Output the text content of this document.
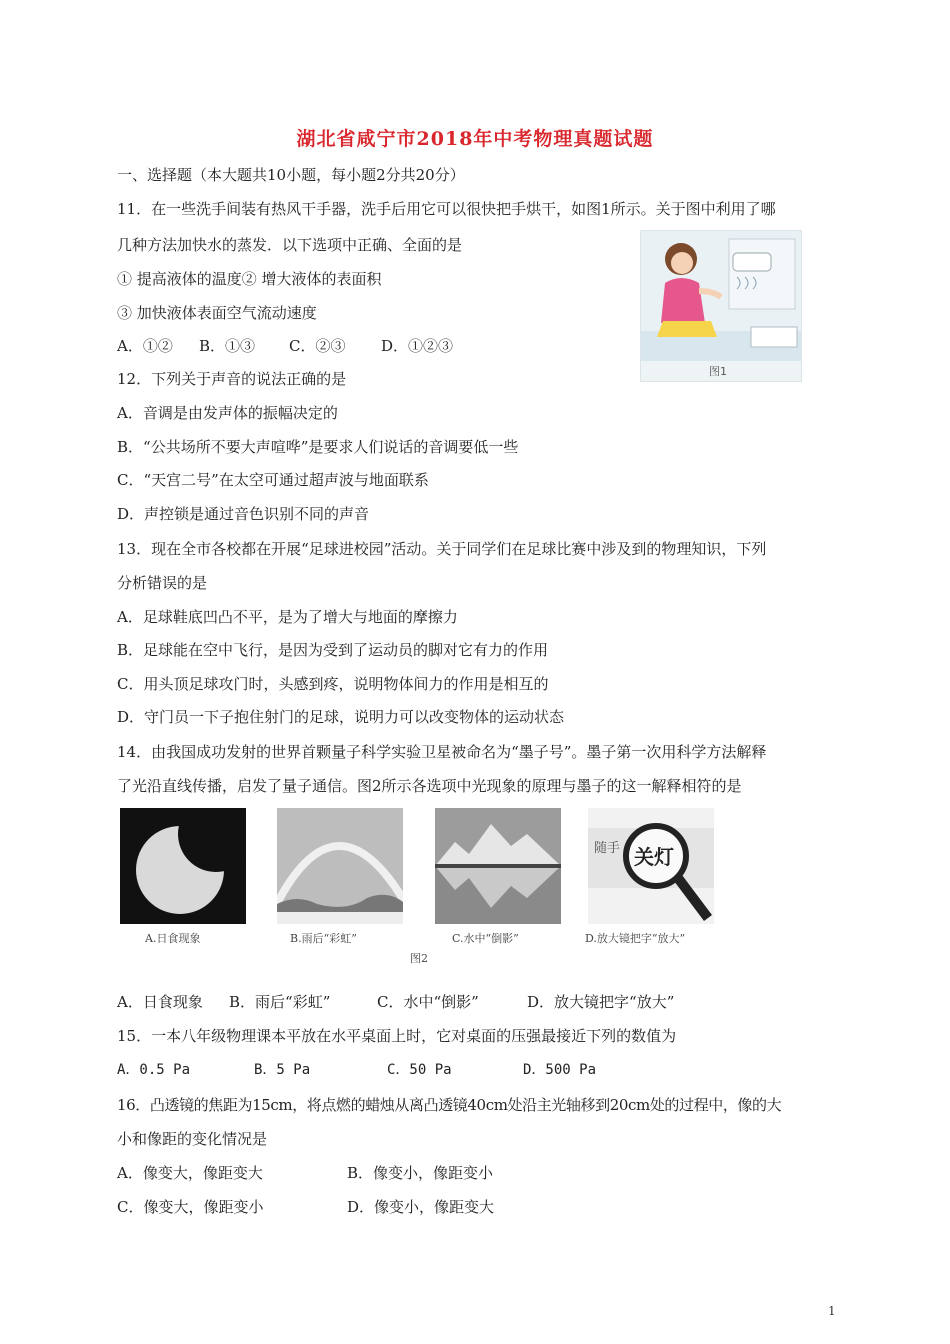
湖北省咸宁市2018年中考物理真题试题
一、选择题（本大题共10小题，每小题2分共20分）
11．在一些洗手间装有热风干手器，洗手后用它可以很快把手烘干，如图1所示。关于图中利用了哪
几种方法加快水的蒸发．以下选项中正确、全面的是
① 提高液体的温度② 增大液体的表面积
③ 加快液体表面空气流动速度
A．①② B．①③ C．②③ D．①②③
图1
12．下列关于声音的说法正确的是
A．音调是由发声体的振幅决定的
B．“公共场所不要大声喧哗”是要求人们说话的音调要低一些
C．“天宫二号”在太空可通过超声波与地面联系
D．声控锁是通过音色识别不同的声音
13．现在全市各校都在开展“足球进校园”活动。关于同学们在足球比赛中涉及到的物理知识，下列
分析错误的是
A．足球鞋底凹凸不平，是为了增大与地面的摩擦力
B．足球能在空中飞行，是因为受到了运动员的脚对它有力的作用
C．用头顶足球攻门时，头感到疼，说明物体间力的作用是相互的
D．守门员一下子抱住射门的足球，说明力可以改变物体的运动状态
14．由我国成功发射的世界首颗量子科学实验卫星被命名为“墨子号”。墨子第一次用科学方法解释
了光沿直线传播，启发了量子通信。图2所示各选项中光现象的原理与墨子的这一解释相符的是
随手 关灯
A.日食现象	B.雨后“彩虹”	C.水中“倒影”	D.放大镜把字“放大”
图2
A．日食现象 B．雨后“彩虹”	C．水中“倒影”	D．放大镜把字“放大”
15．一本八年级物理课本平放在水平桌面上时，它对桌面的压强最接近下列的数值为
A．0.5 Pa	B．5 Pa	C．50 Pa	D．500 Pa
16．凸透镜的焦距为15cm，将点燃的蜡烛从离凸透镜40cm处沿主光轴移到20cm处的过程中，像的大
小和像距的变化情况是
A．像变大，像距变大	B．像变小，像距变小
C．像变大，像距变小	D．像变小，像距变大
1
